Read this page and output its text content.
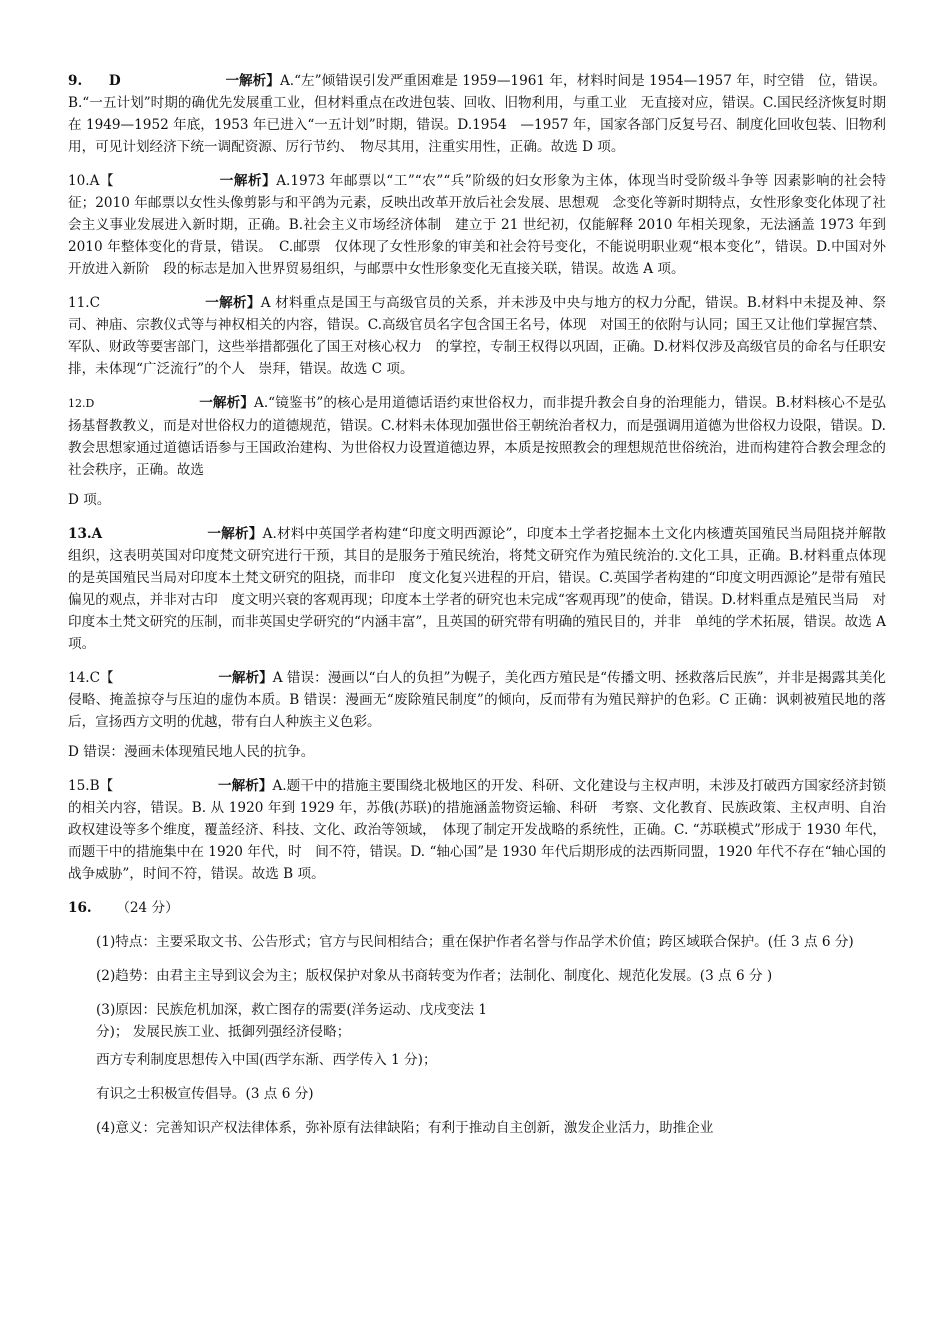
9. D	一解析】A.“左”倾错误引发严重困难是 1959—1961 年，材料时间是 1954—1957 年，时空错　位，错误。B.“一五计划”时期的确优先发展重工业，但材料重点在改进包装、回收、旧物利用，与重工业　无直接对应，错误。C.国民经济恢复时期在 1949—1952 年底，1953 年已进入“一五计划”时期，错误。D.1954　—1957 年，国家各部门反复号召、制度化回收包装、旧物利用，可见计划经济下统一调配资源、厉行节约、　物尽其用，注重实用性，正确。故选 D 项。
10.A【	一解析】A.1973 年邮票以“工”“农”“兵”阶级的妇女形象为主体，体现当时受阶级斗争等 因素影响的社会特征；2010 年邮票以女性头像剪影与和平鸽为元素，反映出改革开放后社会发展、思想观　念变化等新时期特点，女性形象变化体现了社会主义事业发展进入新时期，正确。B.社会主义市场经济体制　建立于 21 世纪初，仅能解释 2010 年相关现象，无法涵盖 1973 年到 2010 年整体变化的背景，错误。　C.邮票　仅体现了女性形象的审美和社会符号变化，不能说明职业观“根本变化”，错误。D.中国对外开放进入新阶　段的标志是加入世界贸易组织，与邮票中女性形象变化无直接关联，错误。故选 A 项。
11.C	一解析】A 材料重点是国王与高级官员的关系，并未涉及中央与地方的权力分配，错误。B.材料中未提及神、祭司、神庙、宗教仪式等与神权相关的内容，错误。C.高级官员名字包含国王名号，体现　对国王的依附与认同；国王又让他们掌握宫禁、军队、财政等要害部门，这些举措都强化了国王对核心权力　的掌控，专制王权得以巩固，正确。D.材料仅涉及高级官员的命名与任职安排，未体现“广泛流行”的个人　崇拜，错误。故选 C 项。
12.D	一解析】A.“镜鉴书”的核心是用道德话语约束世俗权力，而非提升教会自身的治理能力，错误。B.材料核心不是弘扬基督教教义，而是对世俗权力的道德规范，错误。C.材料未体现加强世俗王朝统治者权力，而是强调用道德为世俗权力设限，错误。D.教会思想家通过道德话语参与王国政治建构、为世俗权力设置道德边界，本质是按照教会的理想规范世俗统治，进而构建符合教会理念的社会秩序，正确。故选
D 项。
13.A	一解析】A.材料中英国学者构建“印度文明西源论”，印度本土学者挖掘本土文化内核遭英国殖民当局阻挠并解散组织，这表明英国对印度梵文研究进行干预，其目的是服务于殖民统治，将梵文研究作为殖民统治的.文化工具，正确。B.材料重点体现的是英国殖民当局对印度本土梵文研究的阻挠，而非印　度文化复兴进程的开启，错误。C.英国学者构建的“印度文明西源论”是带有殖民偏见的观点，并非对古印　度文明兴衰的客观再现；印度本土学者的研究也未完成“客观再现”的使命，错误。D.材料重点是殖民当局　对印度本土梵文研究的压制，而非英国史学研究的“内涵丰富”，且英国的研究带有明确的殖民目的，并非　单纯的学术拓展，错误。故选 A 项。
14.C【	一解析】A 错误：漫画以“白人的负担”为幌子，美化西方殖民是“传播文明、拯救落后民族”，并非是揭露其美化侵略、掩盖掠夺与压迫的虚伪本质。B 错误：漫画无“废除殖民制度”的倾向，反而带有为殖民辩护的色彩。C 正确：讽刺被殖民地的落后，宣扬西方文明的优越，带有白人种族主义色彩。
D 错误：漫画未体现殖民地人民的抗争。
15.B【	一解析】A.题干中的措施主要围绕北极地区的开发、科研、文化建设与主权声明，未涉及打破西方国家经济封锁的相关内容，错误。B. 从 1920 年到 1929 年，苏俄(苏联)的措施涵盖物资运输、科研　考察、文化教育、民族政策、主权声明、自治政权建设等多个维度，覆盖经济、科技、文化、政治等领域，　体现了制定开发战略的系统性，正确。C. “苏联模式”形成于 1930 年代，而题干中的措施集中在 1920 年代，时　间不符，错误。D. “轴心国”是 1930 年代后期形成的法西斯同盟，1920 年代不存在“轴心国的战争威胁”，时间不符，错误。故选 B 项。
16. （24 分）
(1)特点：主要采取文书、公告形式；官方与民间相结合；重在保护作者名誉与作品学术价值；跨区域联合保护。(任 3 点 6 分)
(2)趋势：由君主主导到议会为主；版权保护对象从书商转变为作者；法制化、制度化、规范化发展。(3 点 6 分 )
(3)原因：民族危机加深，救亡图存的需要(洋务运动、戊戌变法 1
分)； 发展民族工业、抵御列强经济侵略；
西方专利制度思想传入中国(西学东渐、西学传入 1 分)；
有识之士积极宣传倡导。(3 点 6 分)
(4)意义：完善知识产权法律体系，弥补原有法律缺陷；有利于推动自主创新，激发企业活力，助推企业
